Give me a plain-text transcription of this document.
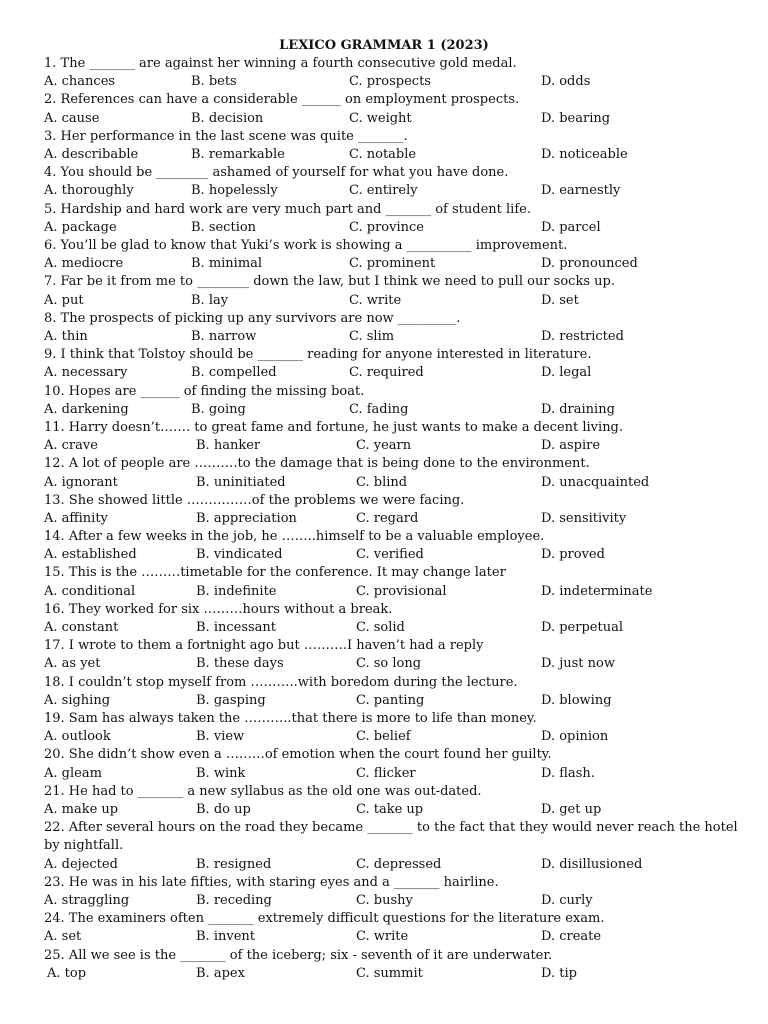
LEXICO GRAMMAR 1 (2023)
1. The _______ are against her winning a fourth consecutive gold medal.
A. chances	B. bets	C. prospects	D. odds
2. References can have a considerable ______ on employment prospects.
A. cause	B. decision	C. weight	D. bearing
3. Her performance in the last scene was quite _______.
A. describable	B. remarkable	C. notable	D. noticeable
4. You should be ________ ashamed of yourself for what you have done.
A. thoroughly	B. hopelessly	C. entirely	D. earnestly
5. Hardship and hard work are very much part and _______ of student life.
A. package	B. section	C. province	D. parcel
6. You’ll be glad to know that Yuki’s work is showing a __________ improvement.
A. mediocre	B. minimal	C. prominent	D. pronounced
7. Far be it from me to ________ down the law, but I think we need to pull our socks up.
A. put	B. lay	C. write	D. set
8. The prospects of picking up any survivors are now _________.
A. thin	B. narrow	C. slim	D. restricted
9. I think that Tolstoy should be _______ reading for anyone interested in literature.
A. necessary	B. compelled	C. required	D. legal
10. Hopes are ______ of finding the missing boat.
A. darkening	B. going	C. fading	D. draining
11. Harry doesn’t……. to great fame and fortune, he just wants to make a decent living.
A. crave	B. hanker	C. yearn	D. aspire
12. A lot of people are ……….to the damage that is being done to the environment.
A. ignorant	B. uninitiated	C. blind	D. unacquainted
13. She showed little ……………of the problems we were facing.
A. affinity	B. appreciation	C. regard	D. sensitivity
14. After a few weeks in the job, he ……..himself to be a valuable employee.
A. established	B. vindicated	C. verified	D. proved
15. This is the ………timetable for the conference. It may change later
A. conditional	B. indefinite	C. provisional	D. indeterminate
16. They worked for six ………hours without a break.
A. constant	B. incessant	C. solid	D. perpetual
17. I wrote to them a fortnight ago but ……….I haven’t had a reply
A. as yet	B. these days	C. so long	D. just now
18. I couldn’t stop myself from ………..with boredom during the lecture.
A. sighing	B. gasping	C. panting	D. blowing
19. Sam has always taken the ………..that there is more to life than money.
A. outlook	B. view	C. belief	D. opinion
20. She didn’t show even a ………of emotion when the court found her guilty.
A. gleam	B. wink	C. flicker	D. flash.
21. He had to _______ a new syllabus as the old one was out-dated.
A. make up	B. do up	C. take up	D. get up
22. After several hours on the road they became _______ to the fact that they would never reach the hotel by nightfall.
A. dejected	B. resigned	C. depressed	D. disillusioned
23. He was in his late fifties, with staring eyes and a _______ hairline.
A. straggling	B. receding	C. bushy	D. curly
24. The examiners often _______ extremely difficult questions for the literature exam.
A. set	B. invent	C. write	D. create
25. All we see is the _______ of the iceberg; six - seventh of it are underwater.
A. top	B. apex	C. summit	D. tip
